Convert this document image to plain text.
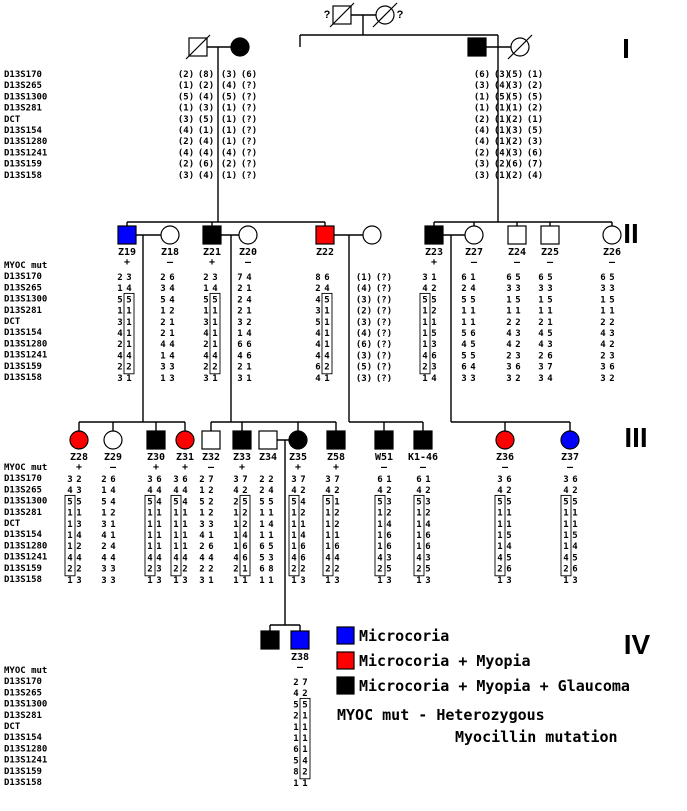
?	?
Z19
+
Z18
–
Z21
+
Z20
–
Z22	Z23
+
Z27
–
Z24
–
Z25
–
Z26
–
Z28
+
Z29
–
Z30
+
Z31
+
Z32
–
Z33
+
Z34 Z35
+
Z58
+
W51
–
K1-46
–
Z36
–
Z37
–
Z38
–
I
II
III
IV
D13S170
D13S265
D13S1300
D13S281
DCT
D13S154
D13S1280
D13S1241
D13S159
D13S158
MYOC mut
D13S170
D13S265
D13S1300
D13S281
DCT
D13S154
D13S1280
D13S1241
D13S159
D13S158
MYOC mut
D13S170
D13S265
D13S1300
D13S281
DCT
D13S154
D13S1280
D13S1241
D13S159
D13S158
MYOC mut
D13S170
D13S265
D13S1300
D13S281
DCT
D13S154
D13S1280
D13S1241
D13S159
D13S158
(2) (8)
(1) (2)
(5) (4)
(1) (3)
(3) (5)
(4) (1)
(2) (4)
(4) (4)
(2) (6)
(3) (4)
(3) (6)
(4) (?)
(5) (?)
(1) (?)
(1) (?)
(1) (?)
(1) (?)
(4) (?)
(2) (?)
(1) (?)
(6) (3)
(3) (4)
(1) (5)
(1) (1)
(2) (1)
(4) (1)
(4) (1)
(2) (4)
(3) (2)
(3) (1)
(5) (1)
(3) (2)
(5) (5)
(1) (2)
(2) (1)
(3) (5)
(2) (3)
(3) (6)
(6) (7)
(2) (4)
2 3
1 4
5 5
1 1
3 1
4 1
2 1
4 4
2 2
3 1
2 6
3 4
5 4
1 2
2 1
2 1
4 4
1 4
3 3
1 3
2 3
1 4
5 5
1 1
3 1
4 1
2 1
4 4
2 2
3 1
7 4
2 1
2 4
2 1
3 2
1 4
6 6
4 6
2 1
3 1
8 6
2 4
4 5
3 1
5 1
4 1
4 1
4 4
6 2
4 1
3 1
4 2
5 5
1 2
1 1
1 5
1 3
4 6
2 3
1 4
6 1
2 4
5 5
1 1
1 1
5 6
4 5
5 5
6 4
3 3
6 5
3 3
1 5
1 1
2 2
4 3
4 2
2 3
3 6
3 2
6 5
3 3
1 5
1 1
2 1
4 5
4 3
2 6
3 7
3 4
6 5
3 3
1 5
1 1
2 2
4 3
4 2
2 3
3 6
3 2
(1) (?)
(4) (?)
(3) (?)
(2) (?)
(3) (?)
(4) (?)
(6) (?)
(3) (?)
(5) (?)
(3) (?)
3 2
4 3
5 5
1 1
1 3
1 4
1 2
4 4
2 2
1 3
2 6
1 4
5 4
1 2
3 1
4 1
2 4
4 4
3 3
3 3
3 6
4 4
5 4
1 1
1 1
1 1
1 1
4 4
2 3
1 3
3 6
4 4
5 4
1 1
1 1
1 1
1 1
4 4
2 2
1 3
2 7
1 2
5 2
1 2
3 3
4 1
2 6
4 4
2 2
3 1
3 7
4 2
2 5
1 2
1 2
1 4
1 6
4 6
2 1
1 1
2 2
2 4
5 5
1 1
1 4
1 1
6 5
5 3
6 8
1 1
3 7
4 2
5 4
1 2
1 1
1 4
1 6
4 6
2 2
1 3
3 7
4 2
5 1
1 2
1 2
1 1
1 6
4 4
2 2
1 3
6 1
4 2
5 3
1 2
1 4
1 6
1 6
4 3
2 5
1 3
6 1
4 2
5 3
1 2
1 4
1 6
1 6
4 3
2 5
1 3
3 6
4 2
5 5
1 1
1 1
1 5
1 4
4 5
2 6
1 3
3 6
4 2
5 5
1 1
1 1
1 5
1 4
4 5
2 6
1 3
2 7
4 2
5 5
2 1
1 1
1 1
6 1
5 4
8 2
1 1
Microcoria
Microcoria + Myopia
Microcoria + Myopia + Glaucoma
MYOC mut - Heterozygous
Myocillin mutation
